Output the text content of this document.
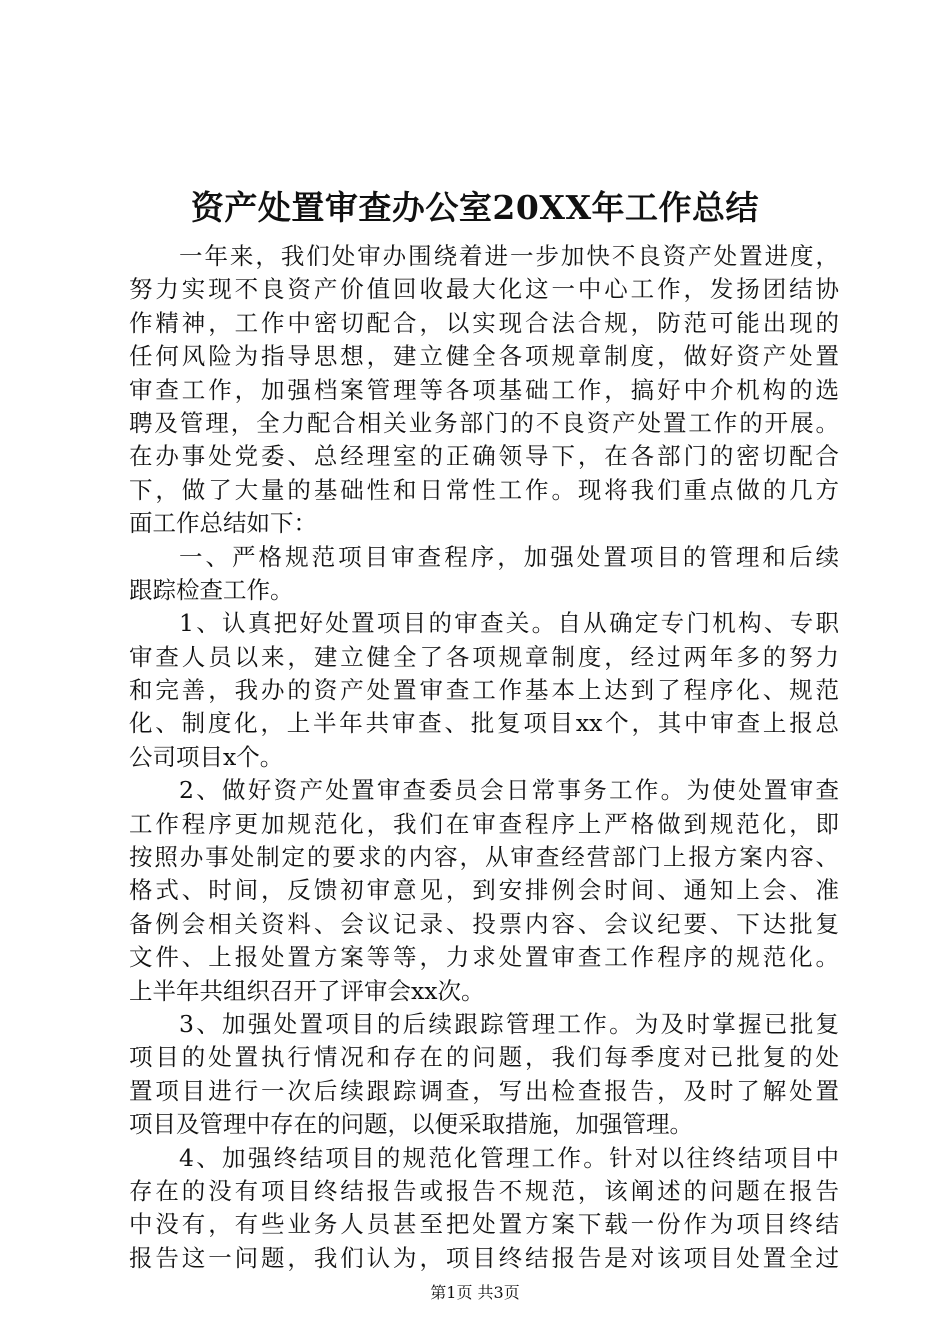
资产处置审查办公室20XX年工作总结
一年来，我们处审办围绕着进一步加快不良资产处置进度，
努力实现不良资产价值回收最大化这一中心工作，发扬团结协
作精神，工作中密切配合，以实现合法合规，防范可能出现的
任何风险为指导思想，建立健全各项规章制度，做好资产处置
审查工作，加强档案管理等各项基础工作，搞好中介机构的选
聘及管理，全力配合相关业务部门的不良资产处置工作的开展。
在办事处党委、总经理室的正确领导下，在各部门的密切配合
下，做了大量的基础性和日常性工作。现将我们重点做的几方
面工作总结如下：
一、严格规范项目审查程序，加强处置项目的管理和后续
跟踪检查工作。
1、认真把好处置项目的审查关。自从确定专门机构、专职
审查人员以来，建立健全了各项规章制度，经过两年多的努力
和完善，我办的资产处置审查工作基本上达到了程序化、规范
化、制度化，上半年共审查、批复项目xx个，其中审查上报总
公司项目x个。
2、做好资产处置审查委员会日常事务工作。为使处置审查
工作程序更加规范化，我们在审查程序上严格做到规范化，即
按照办事处制定的要求的内容，从审查经营部门上报方案内容、
格式、时间，反馈初审意见，到安排例会时间、通知上会、准
备例会相关资料、会议记录、投票内容、会议纪要、下达批复
文件、上报处置方案等等，力求处置审查工作程序的规范化。
上半年共组织召开了评审会xx次。
3、加强处置项目的后续跟踪管理工作。为及时掌握已批复
项目的处置执行情况和存在的问题，我们每季度对已批复的处
置项目进行一次后续跟踪调查，写出检查报告，及时了解处置
项目及管理中存在的问题，以便采取措施，加强管理。
4、加强终结项目的规范化管理工作。针对以往终结项目中
存在的没有项目终结报告或报告不规范，该阐述的问题在报告
中没有，有些业务人员甚至把处置方案下载一份作为项目终结
报告这一问题，我们认为，项目终结报告是对该项目处置全过
第1页 共3页
